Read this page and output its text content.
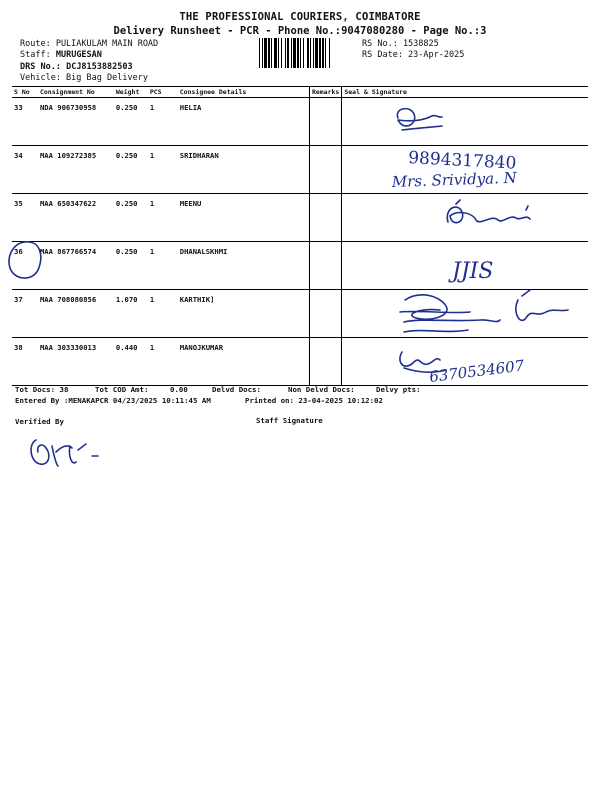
THE PROFESSIONAL COURIERS, COIMBATORE
Delivery Runsheet - PCR - Phone No.:9047080280 - Page No.:3
Route: PULIAKULAM MAIN ROAD
Staff: MURUGESAN
DRS No.: DCJ8153882503
Vehicle: Big Bag Delivery
RS No.: 1538825
RS Date: 23-Apr-2025
S No	Consignment No	Weight	PCS	Consignee Details	Remarks	Seal & Signature
33	NDA 906730958	0.250	1	HELIA		
34	MAA 109272385	0.250	1	SRIDHARAN		
35	MAA 650347622	0.250	1	MEENU		
36	MAA 867766574	0.250	1	DHANALSKHMI		
37	MAA 708080856	1.070	1	KARTHIK]		
38	MAA 303330013	0.440	1	MANOJKUMAR		
Tot Docs: 38	Tot COD Amt:	0.00	Delvd Docs:	Non Delvd Docs:	Delvy pts:
Entered By :MENAKAPCR 04/23/2025 10:11:45 AM	Printed on: 23-04-2025 10:12:02
Verified By	Staff Signature
9894317840
Mrs. Srividya. N
JJIS
6370534607
